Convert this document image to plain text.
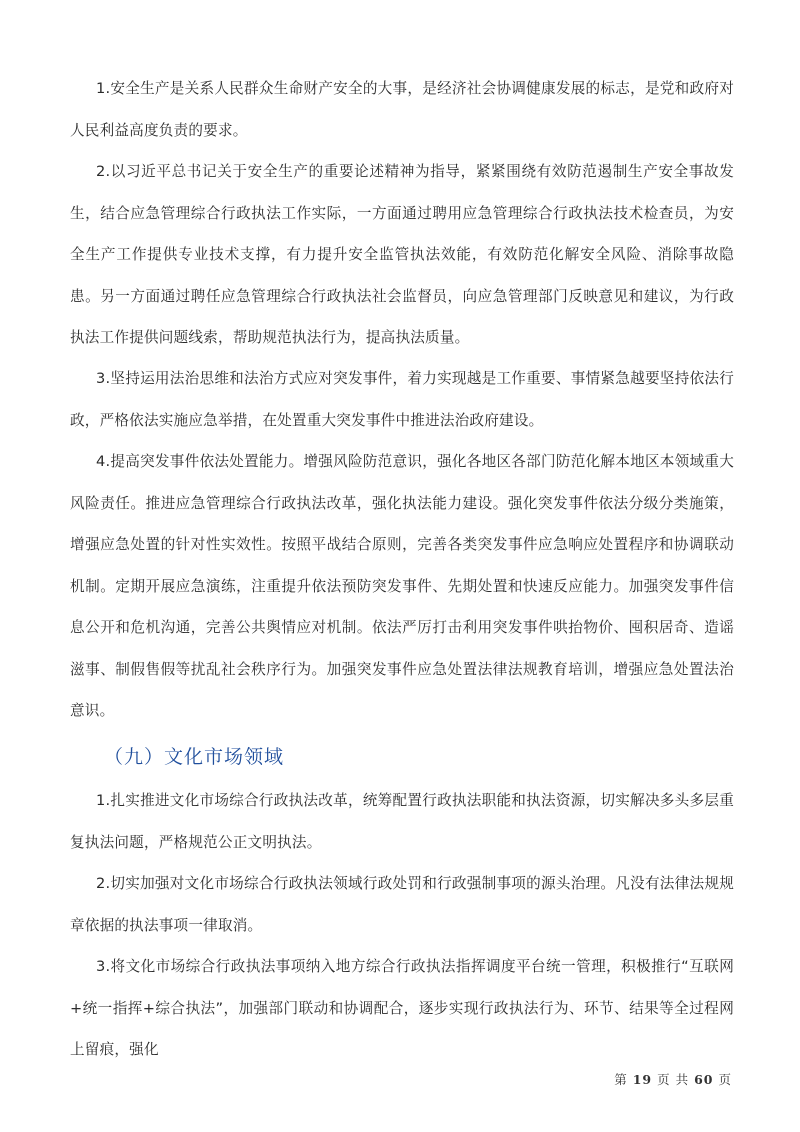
1.安全生产是关系人民群众生命财产安全的大事，是经济社会协调健康发展的标志，是党和政府对人民利益高度负责的要求。

2.以习近平总书记关于安全生产的重要论述精神为指导，紧紧围绕有效防范遏制生产安全事故发生，结合应急管理综合行政执法工作实际，一方面通过聘用应急管理综合行政执法技术检查员，为安全生产工作提供专业技术支撑，有力提升安全监管执法效能，有效防范化解安全风险、消除事故隐患。另一方面通过聘任应急管理综合行政执法社会监督员，向应急管理部门反映意见和建议，为行政执法工作提供问题线索，帮助规范执法行为，提高执法质量。

3.坚持运用法治思维和法治方式应对突发事件，着力实现越是工作重要、事情紧急越要坚持依法行政，严格依法实施应急举措，在处置重大突发事件中推进法治政府建设。

4.提高突发事件依法处置能力。增强风险防范意识，强化各地区各部门防范化解本地区本领域重大风险责任。推进应急管理综合行政执法改革，强化执法能力建设。强化突发事件依法分级分类施策，增强应急处置的针对性实效性。按照平战结合原则，完善各类突发事件应急响应处置程序和协调联动机制。定期开展应急演练，注重提升依法预防突发事件、先期处置和快速反应能力。加强突发事件信息公开和危机沟通，完善公共舆情应对机制。依法严厉打击利用突发事件哄抬物价、囤积居奇、造谣滋事、制假售假等扰乱社会秩序行为。加强突发事件应急处置法律法规教育培训，增强应急处置法治意识。

（九）文化市场领域

1.扎实推进文化市场综合行政执法改革，统筹配置行政执法职能和执法资源，切实解决多头多层重复执法问题，严格规范公正文明执法。

2.切实加强对文化市场综合行政执法领域行政处罚和行政强制事项的源头治理。凡没有法律法规规章依据的执法事项一律取消。

3.将文化市场综合行政执法事项纳入地方综合行政执法指挥调度平台统一管理，积极推行“互联网+统一指挥+综合执法”，加强部门联动和协调配合，逐步实现行政执法行为、环节、结果等全过程网上留痕，强化

第 19 页 共 60 页
